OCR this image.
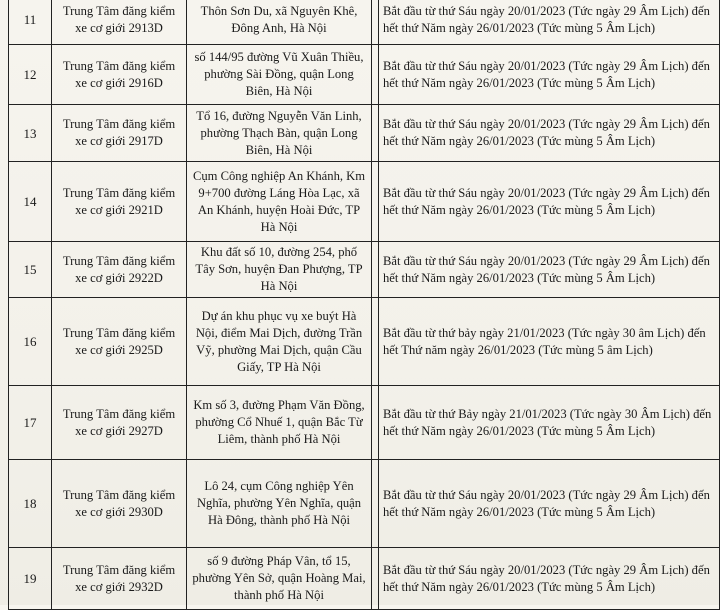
11	Trung Tâm đăng kiểm xe cơ giới 2913D	Thôn Sơn Du, xã Nguyên Khê, Đông Anh, Hà Nội		Bắt đầu từ thứ Sáu ngày 20/01/2023 (Tức ngày 29 Âm Lịch) đến hết thứ Năm ngày 26/01/2023 (Tức mùng 5 Âm Lịch)

12	Trung Tâm đăng kiểm xe cơ giới 2916D	số 144/95 đường Vũ Xuân Thiều, phường Sài Đồng, quận Long Biên, Hà Nội		Bắt đầu từ thứ Sáu ngày 20/01/2023 (Tức ngày 29 Âm Lịch) đến hết thứ Năm ngày 26/01/2023 (Tức mùng 5 Âm Lịch)

13	Trung Tâm đăng kiểm xe cơ giới 2917D	Tổ 16, đường Nguyễn Văn Linh, phường Thạch Bàn, quận Long Biên, Hà Nội		Bắt đầu từ thứ Sáu ngày 20/01/2023 (Tức ngày 29 Âm Lịch) đến hết thứ Năm ngày 26/01/2023 (Tức mùng 5 Âm Lịch)

14	Trung Tâm đăng kiểm xe cơ giới 2921D	Cụm Công nghiệp An Khánh, Km 9+700 đường Láng Hòa Lạc, xã An Khánh, huyện Hoài Đức, TP Hà Nội		Bắt đầu từ thứ Sáu ngày 20/01/2023 (Tức ngày 29 Âm Lịch) đến hết thứ Năm ngày 26/01/2023 (Tức mùng 5 Âm Lịch)

15	Trung Tâm đăng kiểm xe cơ giới 2922D	Khu đất số 10, đường 254, phố Tây Sơn, huyện Đan Phượng, TP Hà Nội		Bắt đầu từ thứ Sáu ngày 20/01/2023 (Tức ngày 29 Âm Lịch) đến hết thứ Năm ngày 26/01/2023 (Tức mùng 5 Âm Lịch)

16	Trung Tâm đăng kiểm xe cơ giới 2925D	Dự án khu phục vụ xe buýt Hà Nội, điểm Mai Dịch, đường Trần Vỹ, phường Mai Dịch, quận Cầu Giấy, TP Hà Nội		Bắt đầu từ thứ bảy ngày 21/01/2023 (Tức ngày 30 âm Lịch) đến hết Thứ năm ngày 26/01/2023 (Tức mùng 5 âm Lịch)

17	Trung Tâm đăng kiểm xe cơ giới 2927D	Km số 3, đường Phạm Văn Đồng, phường Cổ Nhuế 1, quận Bắc Từ Liêm, thành phố Hà Nội		Bắt đầu từ thứ Bảy ngày 21/01/2023 (Tức ngày 30 Âm Lịch) đến hết thứ Năm ngày 26/01/2023 (Tức mùng 5 Âm Lịch)

18	Trung Tâm đăng kiểm xe cơ giới 2930D	Lô 24, cụm Công nghiệp Yên Nghĩa, phường Yên Nghĩa, quận Hà Đông, thành phố Hà Nội		Bắt đầu từ thứ Sáu ngày 20/01/2023 (Tức ngày 29 Âm Lịch) đến hết thứ Năm ngày 26/01/2023 (Tức mùng 5 Âm Lịch)

19	Trung Tâm đăng kiểm xe cơ giới 2932D	số 9 đường Pháp Vân, tổ 15, phường Yên Sở, quận Hoàng Mai, thành phố Hà Nội		Bắt đầu từ thứ Sáu ngày 20/01/2023 (Tức ngày 29 Âm Lịch) đến hết thứ Năm ngày 26/01/2023 (Tức mùng 5 Âm Lịch)
